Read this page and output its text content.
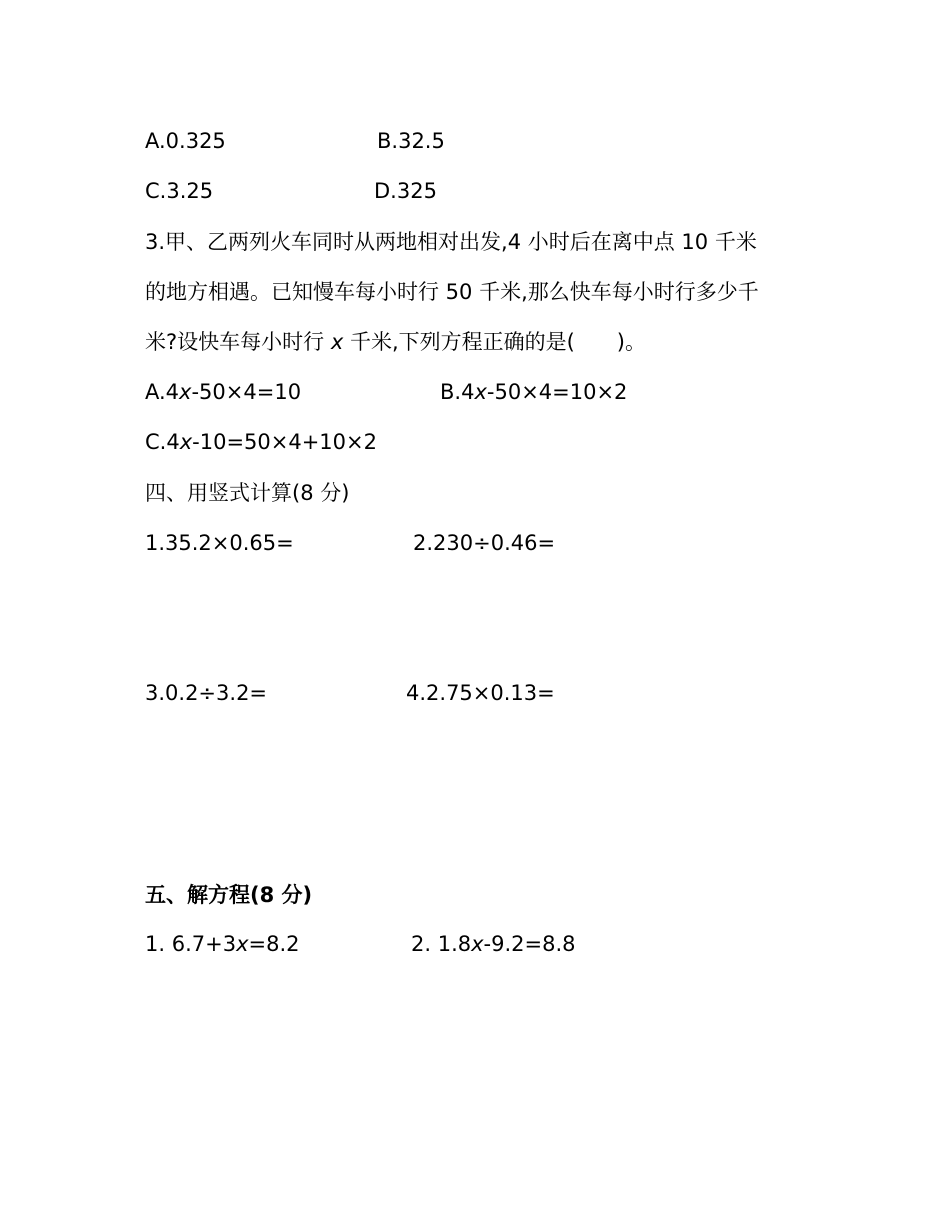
A.0.325	B.32.5
C.3.25	D.325
3.甲、乙两列火车同时从两地相对出发,4 小时后在离中点 10 千米
的地方相遇。已知慢车每小时行 50 千米,那么快车每小时行多少千
米?设快车每小时行 x 千米,下列方程正确的是(　　)。
A.4x-50×4=10	B.4x-50×4=10×2
C.4x-10=50×4+10×2
四、用竖式计算(8 分)
1.35.2×0.65=	2.230÷0.46=
3.0.2÷3.2=	4.2.75×0.13=
五、解方程(8 分)
1. 6.7+3x=8.2	2. 1.8x-9.2=8.8
